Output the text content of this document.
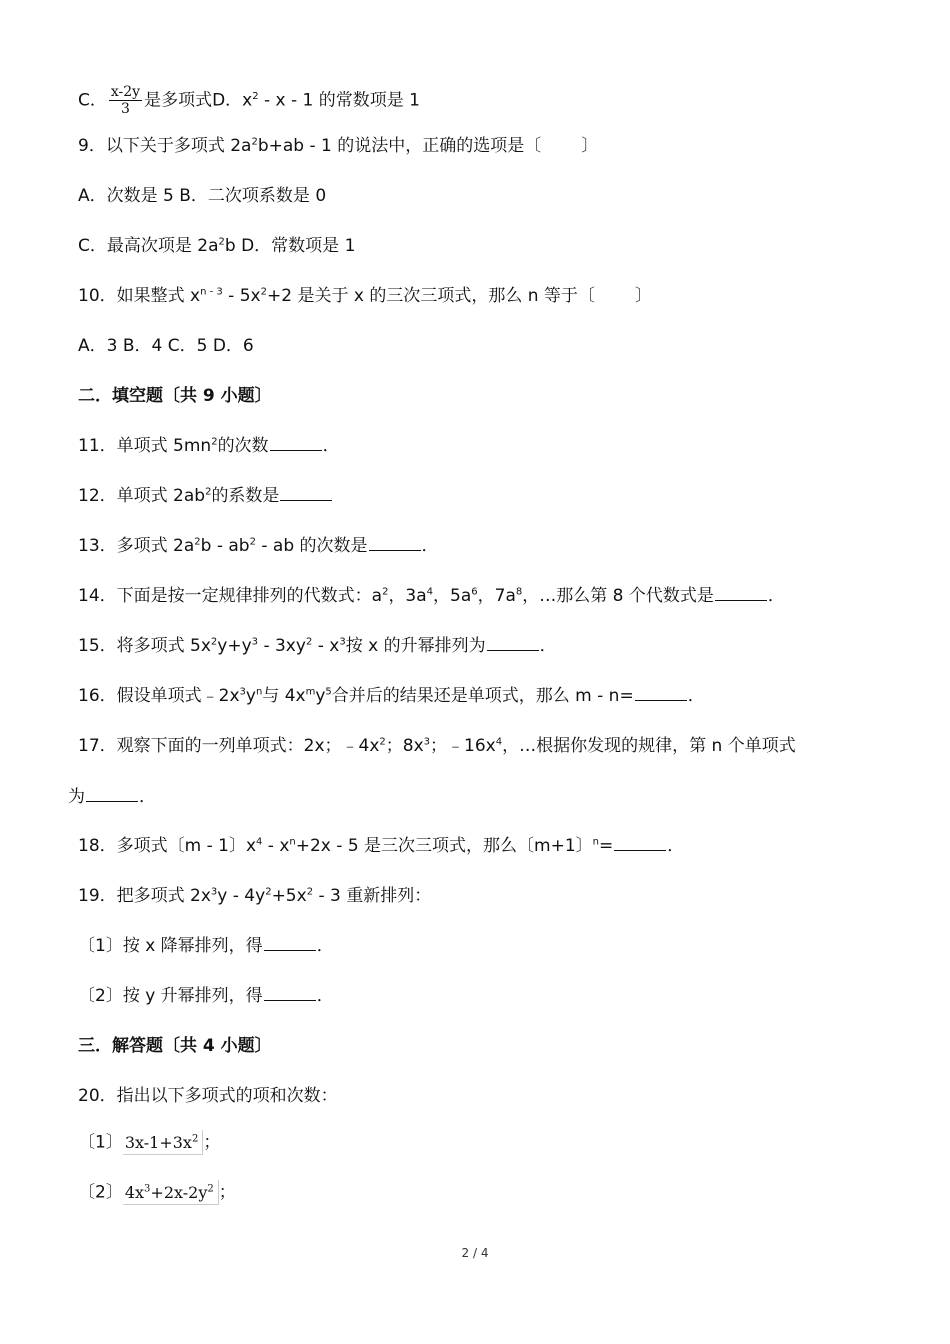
C． $\frac{x-2y}{3}$ 是多项式D．$x^2$ - x - 1 的常数项是 1
9．以下关于多项式 $2a^2b+ab - 1$ 的说法中，正确的选项是〔 〕
A．次数是 5 B．二次项系数是 0
C．最高次项是 $2a^2b$ D．常数项是 1
10．如果整式 $x^{n - 3} - 5x^2+2$ 是关于 x 的三次三项式，那么 n 等于〔 〕
A．3 B．4 C．5 D．6
二．填空题〔共 9 小题〕
11．单项式 $5mn^2$的次数	．
12．单项式 $2ab^2$的系数是
13．多项式 $2a^2b - ab^2$ - ab 的次数是	．
14．下面是按一定规律排列的代数式：$a^2$，$3a^4$，$5a^6$，$7a^8$，…那么第 8 个代数式是	．
15．将多项式 $5x^2y+y^3 - 3xy^2 - x^3$按 x 的升幂排列为	．
16．假设单项式$﹣2x^3y^n$与 $4x^my^5$合并后的结果还是单项式，那么 m - n=	．
17．观察下面的一列单项式：2x；$﹣4x^2$；$8x^3$；$﹣16x^4$，…根据你发现的规律，第 n 个单项式
为	．
18．多项式〔m - 1〕$x^4 - x^n+2x - 5$ 是三次三项式，那么〔m+1〕$^n$=	．
19．把多项式 $2x^3y - 4y^2+5x^2 - 3$ 重新排列：
〔1〕按 x 降幂排列，得	．
〔2〕按 y 升幂排列，得	．
三．解答题〔共 4 小题〕
20．指出以下多项式的项和次数：
〔1〕 $3x-1+3x^2$ ；
〔2〕 $4x^3+2x-2y^2$ ；
2 / 4
